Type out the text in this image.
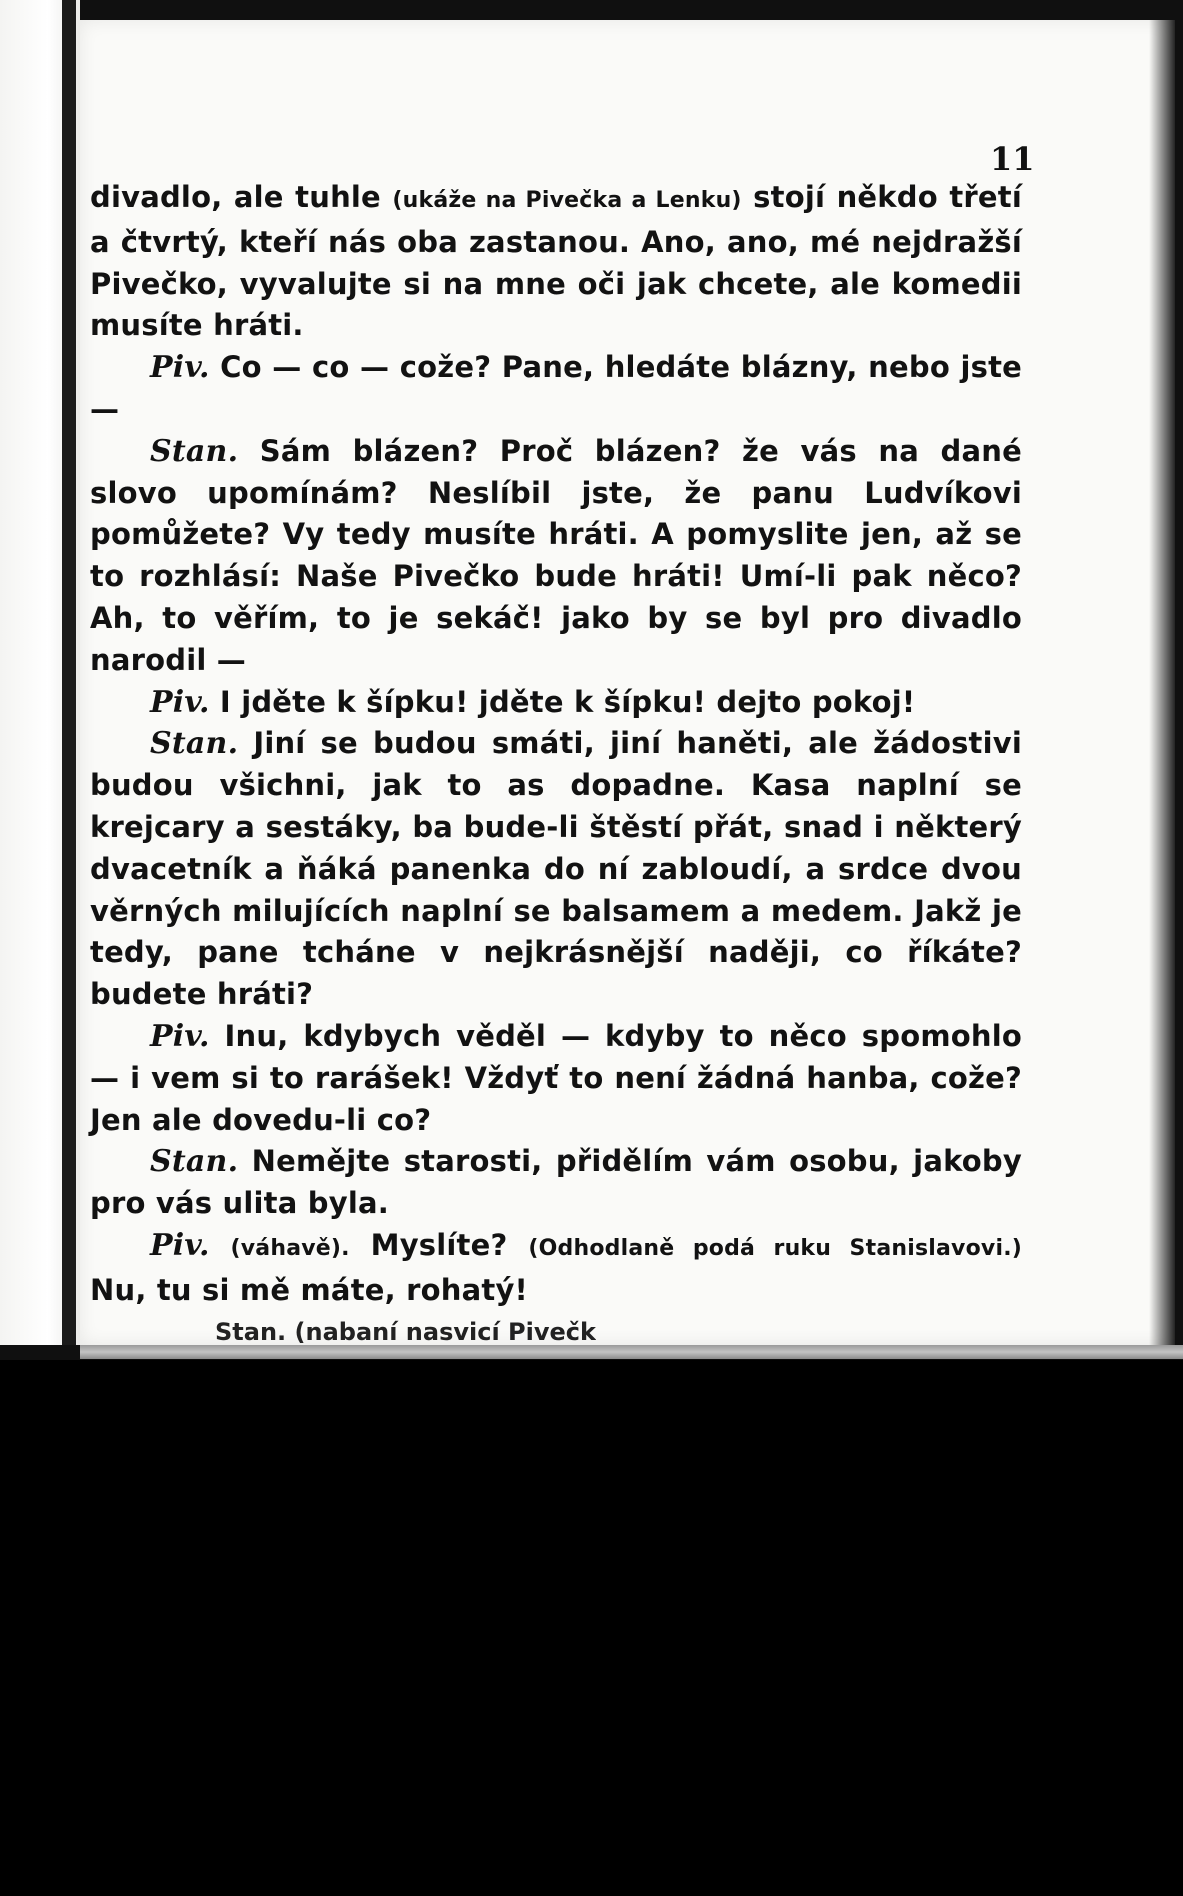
11

divadlo, ale tuhle (ukáže na Pivečka a Lenku) stojí někdo třetí a čtvrtý, kteří nás oba zastanou. Ano, ano, mé nejdražší Pivečko, vyvalujte si na mne oči jak chcete, ale komedii musíte hráti.

Piv. Co — co — cože? Pane, hledáte blázny, nebo jste —

Stan. Sám blázen? Proč blázen? že vás na dané slovo upomínám? Neslíbil jste, že panu Ludvíkovi pomůžete? Vy tedy musíte hráti. A pomyslite jen, až se to rozhlásí: Naše Pivečko bude hráti! Umí-li pak něco? Ah, to věřím, to je sekáč! jako by se byl pro divadlo narodil —

Piv. I jděte k šípku! jděte k šípku! dejto pokoj!

Stan. Jiní se budou smáti, jiní haněti, ale žádostivi budou všichni, jak to as dopadne. Kasa naplní se krejcary a sestáky, ba bude-li štěstí přát, snad i některý dvacetník a ňáká panenka do ní zabloudí, a srdce dvou věrných milujících naplní se balsamem a medem. Jakž je tedy, pane tcháne v nejkrásnější naději, co říkáte? budete hráti?

Piv. Inu, kdybych věděl — kdyby to něco spomohlo — i vem si to rarášek! Vždyť to není žádná hanba, cože? Jen ale dovedu-li co?

Stan. Nemějte starosti, přidělím vám osobu, jakoby pro vás ulita byla.

Piv. (váhavě). Myslíte? (Odhodlaně podá ruku Stanislavovi.) Nu, tu si mě máte, rohatý!

Stan. (nabaní nasvicí Pivečk
